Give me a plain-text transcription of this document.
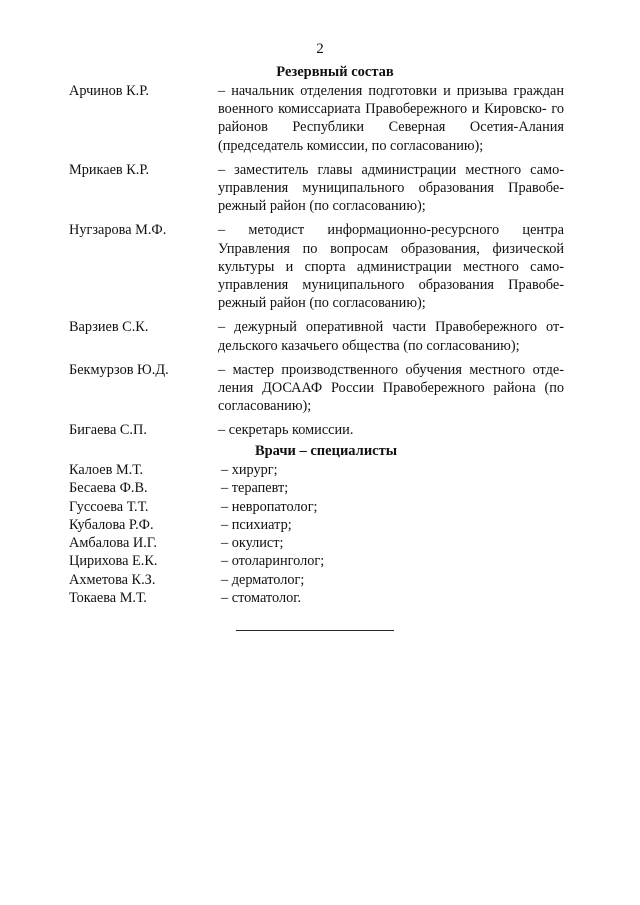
2
Резервный состав
Арчинов К.Р.	– начальник отделения подготовки и призыва граждан военного комиссариата Правобережного и Кировско- го районов Республики Северная Осетия-Алания (председатель комиссии, по согласованию);
Мрикаев К.Р.	– заместитель главы администрации местного само- управления муниципального образования Правобе- режный район (по согласованию);
Нугзарова М.Ф.	– методист информационно-ресурсного центра Управления по вопросам образования, физической культуры и спорта администрации местного само- управления муниципального образования Правобе- режный район (по согласованию);
Варзиев С.К.	– дежурный оперативной части Правобережного от- дельского казачьего общества (по согласованию);
Бекмурзов Ю.Д.	– мастер производственного обучения местного отде- ления ДОСААФ России Правобережного района (по согласованию);
Бигаева С.П.	– секретарь комиссии.
Врачи – специалисты
Калоев М.Т.	– хирург;
Бесаева Ф.В.	– терапевт;
Гуссоева Т.Т.	– невропатолог;
Кубалова Р.Ф.	– психиатр;
Амбалова И.Г.	– окулист;
Цирихова Е.К.	– отоларинголог;
Ахметова К.З.	– дерматолог;
Токаева М.Т.	– стоматолог.
